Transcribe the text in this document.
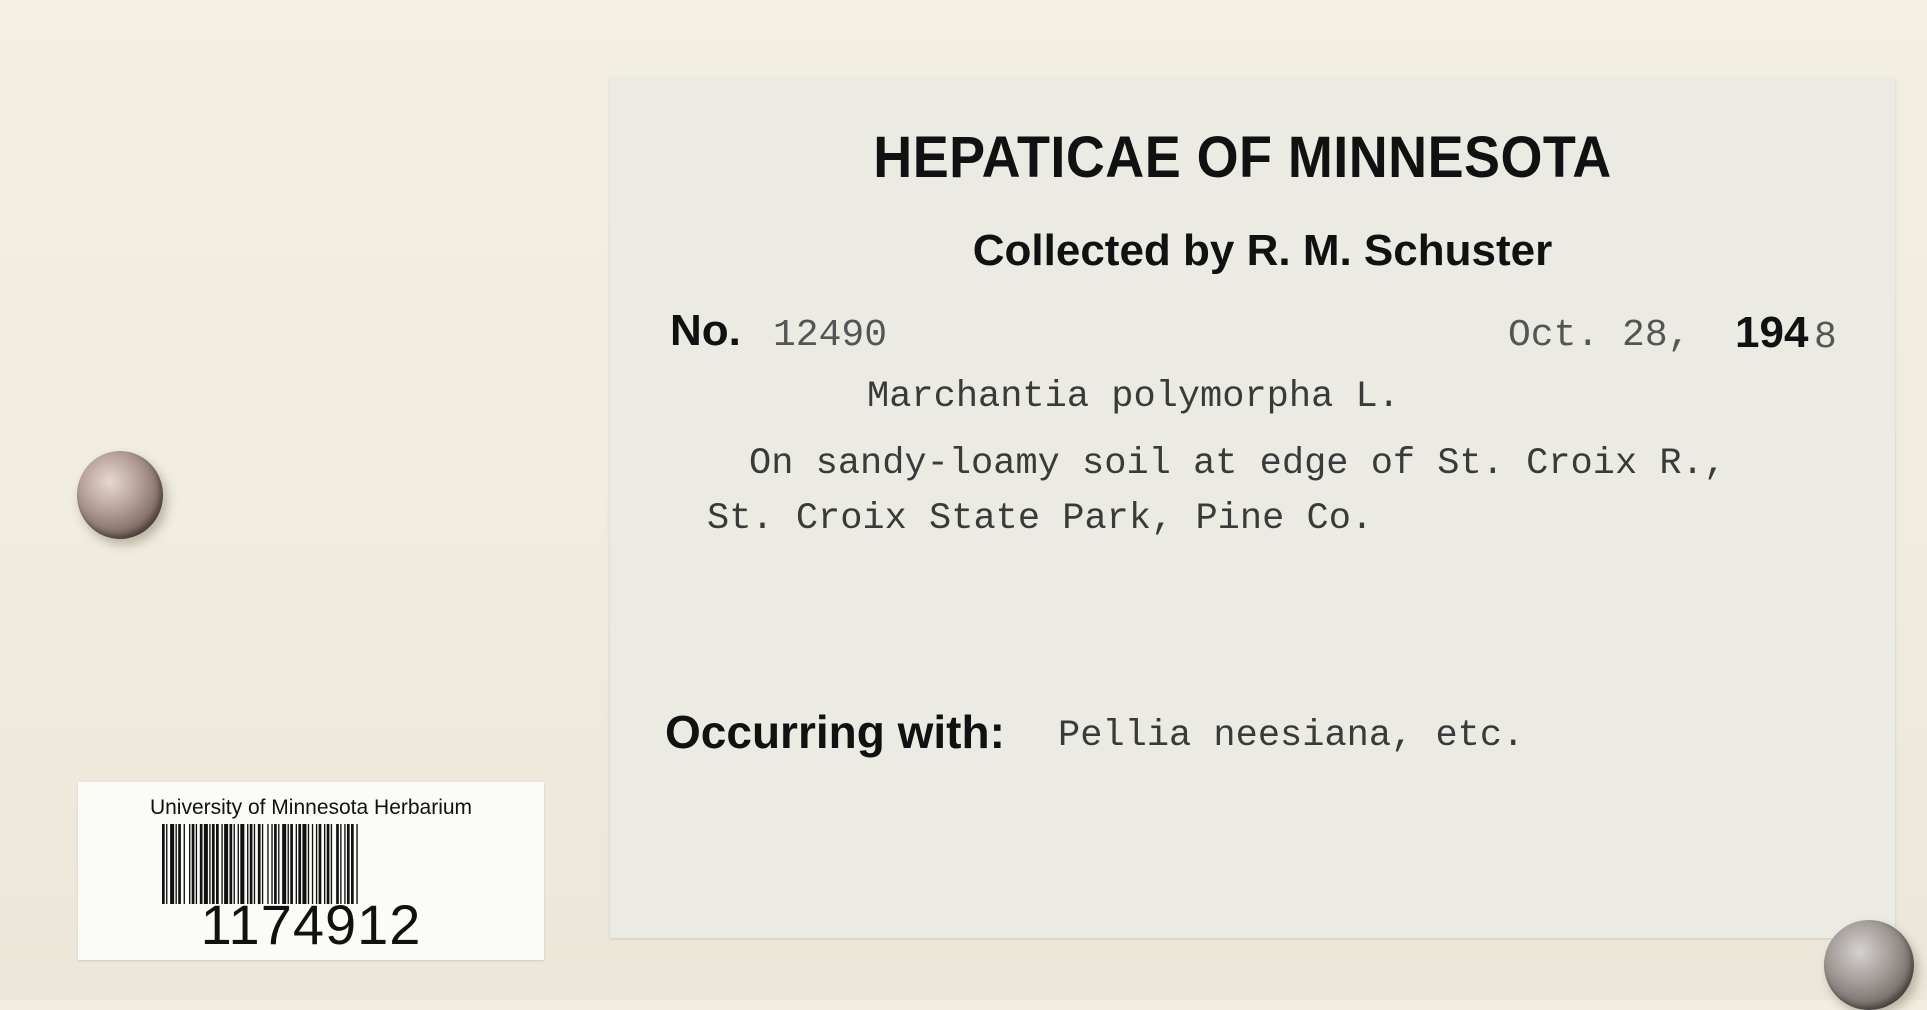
HEPATICAE OF MINNESOTA
Collected by R. M. Schuster
No. 12490	Oct. 28, 194 8
Marchantia polymorpha L.
On sandy-loamy soil at edge of St. Croix R.,
St. Croix State Park, Pine Co.
Occurring with: Pellia neesiana, etc.
University of Minnesota Herbarium
1174912
